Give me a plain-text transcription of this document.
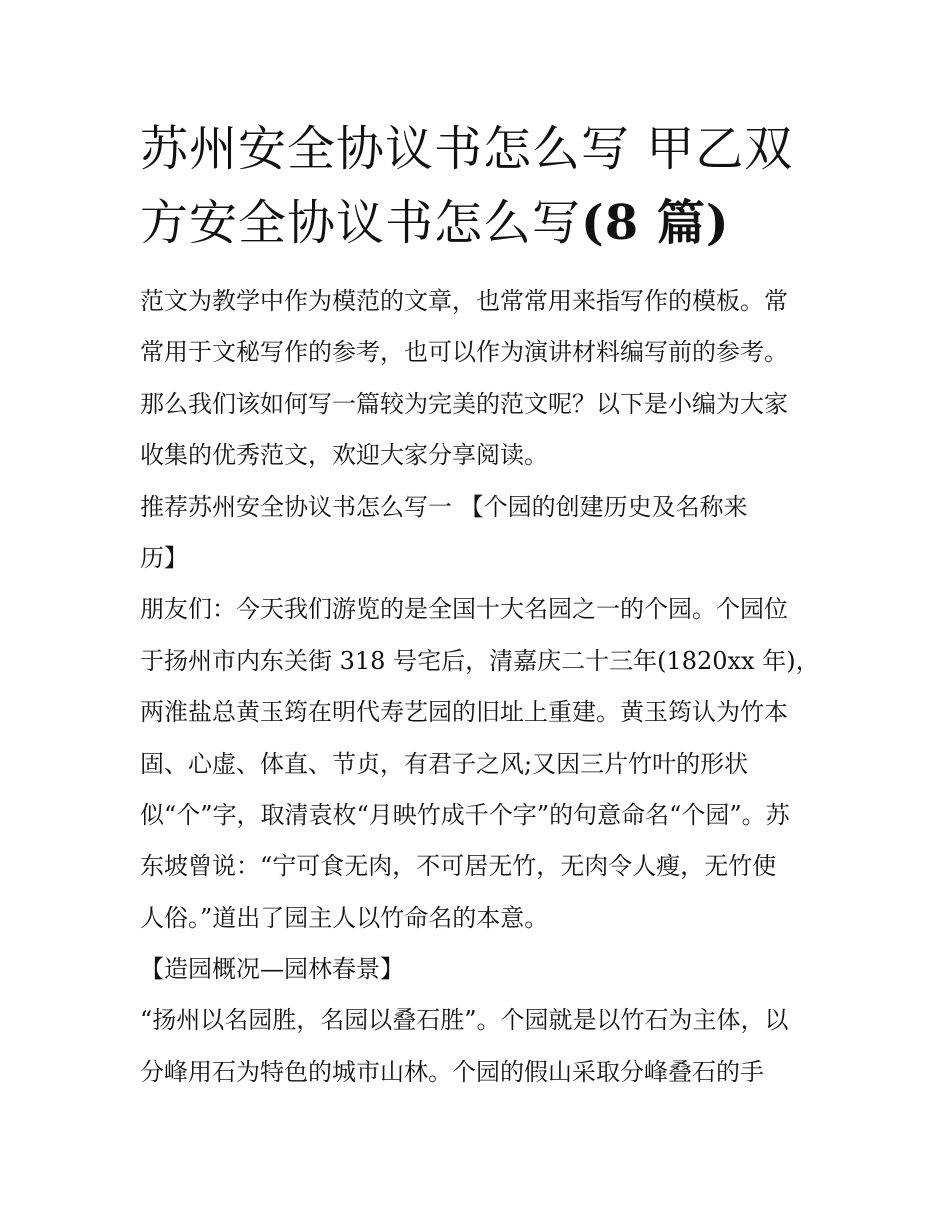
苏州安全协议书怎么写 甲乙双
方安全协议书怎么写(8 篇)
范文为教学中作为模范的文章，也常常用来指写作的模板。常
常用于文秘写作的参考，也可以作为演讲材料编写前的参考。
那么我们该如何写一篇较为完美的范文呢？以下是小编为大家
收集的优秀范文，欢迎大家分享阅读。
推荐苏州安全协议书怎么写一 【个园的创建历史及名称来
历】
朋友们：今天我们游览的是全国十大名园之一的个园。个园位
于扬州市内东关街 318 号宅后，清嘉庆二十三年(1820xx 年)，
两淮盐总黄玉筠在明代寿艺园的旧址上重建。黄玉筠认为竹本
固、心虚、体直、节贞，有君子之风;又因三片竹叶的形状
似“个”字，取清袁枚“月映竹成千个字”的句意命名“个园”。苏
东坡曾说：“宁可食无肉，不可居无竹，无肉令人瘦，无竹使
人俗。”道出了园主人以竹命名的本意。
【造园概况—园林春景】
“扬州以名园胜，名园以叠石胜”。个园就是以竹石为主体，以
分峰用石为特色的城市山林。个园的假山采取分峰叠石的手
